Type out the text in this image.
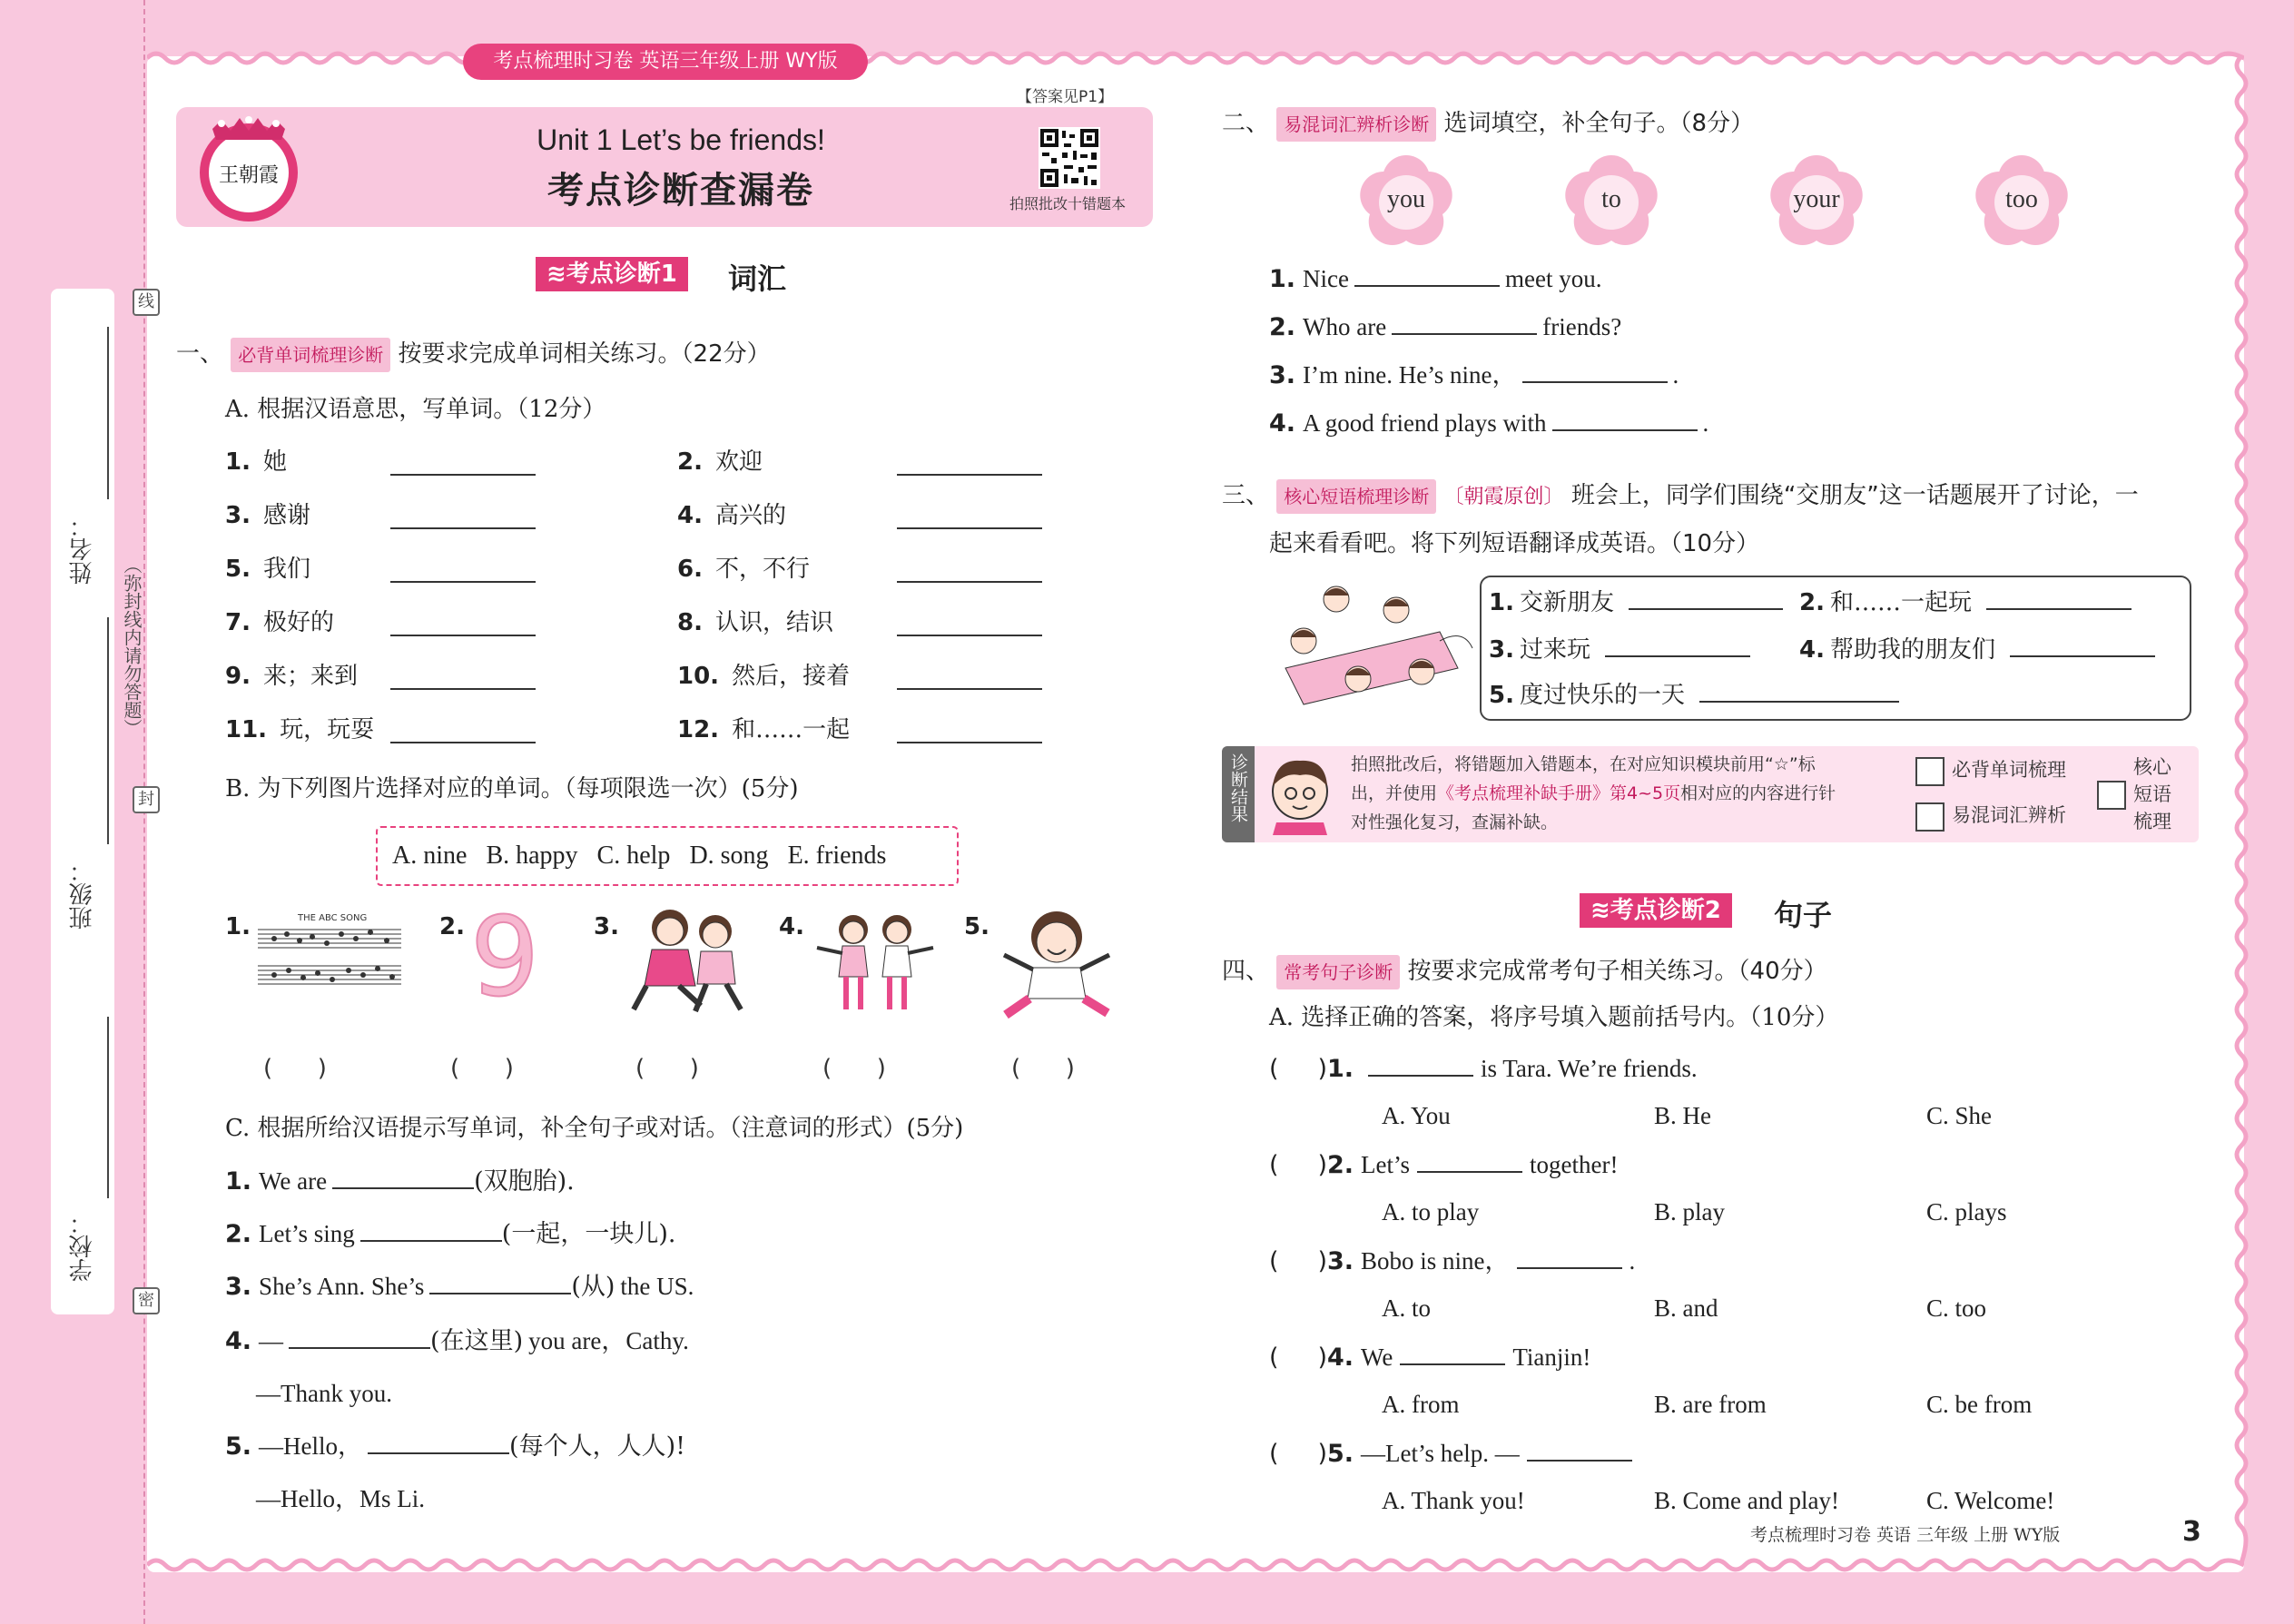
姓名：
班级：
学校：
线
封
密
（弥封线内请勿答题）
考点梳理时习卷 英语三年级上册 WY版
王朝霞
【答案见P1】
Unit 1 Let’s be friends!
考点诊断查漏卷	拍照批改十错题本
≋考点诊断1	词汇
一、 必背单词梳理诊断 按要求完成单词相关练习。（22分）
A. 根据汉语意思，写单词。（12分）
1. 她	2. 欢迎
3. 感谢	4. 高兴的
5. 我们	6. 不，不行
7. 极好的	8. 认识，结识
9. 来；来到	10. 然后，接着
11. 玩，玩耍	12. 和……一起
B. 为下列图片选择对应的单词。（每项限选一次）(5分)
A. nine B. happy C. help D. song E. friends
1.	THE ABC SONG	2. 9 3.	4.	5.
(      )	(      )	(      )	(      )	(      )
C. 根据所给汉语提示写单词，补全句子或对话。（注意词的形式）(5分)
1. We are	(双胞胎).
2. Let’s sing	(一起，一块儿).
3. She’s Ann. She’s	(从) the US.
4. —	(在这里) you are，Cathy.
5. —Hello，	(每个人，人人)!
—Thank you.
—Hello，Ms Li.
二、 易混词汇辨析诊断 选词填空，补全句子。（8分）
you	to	your	too
1. Nice	meet you.
2. Who are	friends?
3. I’m nine. He’s nine，	.
4. A good friend plays with	.
三、 核心短语梳理诊断 〔朝霞原创〕 班会上，同学们围绕“交朋友”这一话题展开了讨论，一
起来看看吧。将下列短语翻译成英语。（10分）
1. 交新朋友	2. 和……一起玩
3. 过来玩	4. 帮助我的朋友们
5. 度过快乐的一天
诊断结果	拍照批改后，将错题加入错题本，在对应知识模块前用“☆”标
出，并使用《考点梳理补缺手册》第4~5页相对应的内容进行针
对性强化复习，查漏补缺。
必背单词梳理
易混词汇辨析
核心短语梳理
≋考点诊断2	句子
四、 常考句子诊断 按要求完成常考句子相关练习。（40分）
A. 选择正确的答案，将序号填入题前括号内。（10分）
(     )1.	is Tara. We’re friends.
A. You	B. He	C. She
(     )2. Let’s	together!
A. to play	B. play	C. plays
(     )3. Bobo is nine，	.
A. to	B. and	C. too
(     )4. We	Tianjin!
A. from	B. are from	C. be from
(     )5. —Let’s help. —
A. Thank you!	B. Come and play!	C. Welcome!
考点梳理时习卷 英语 三年级 上册 WY版	3
